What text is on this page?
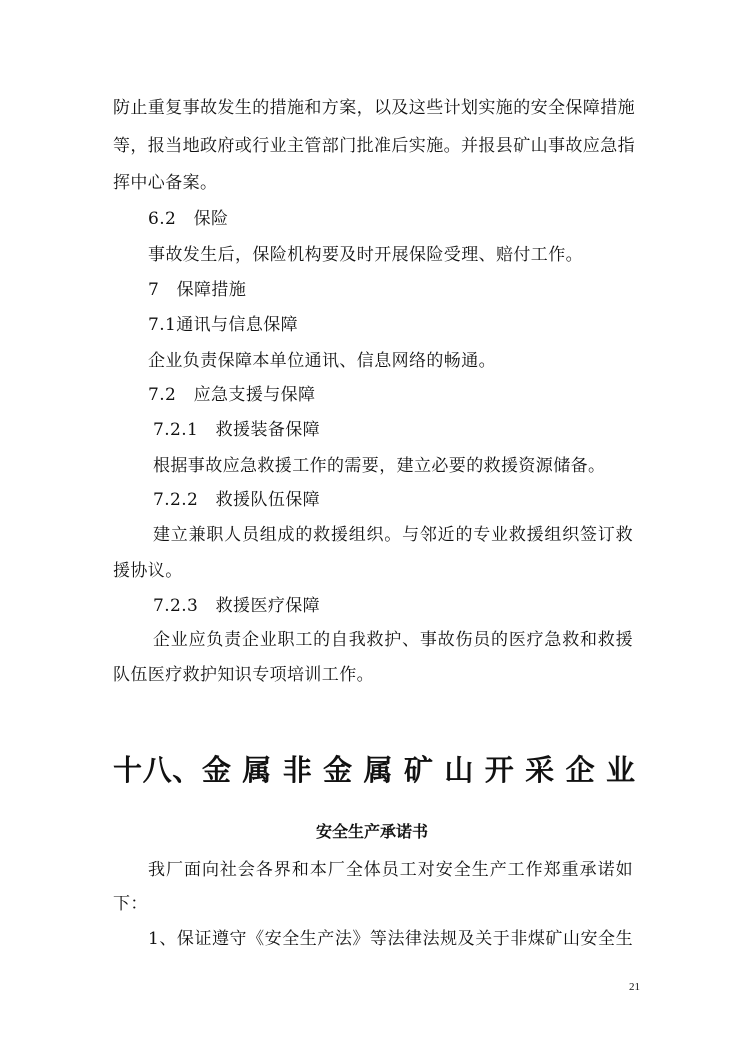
防止重复事故发生的措施和方案，以及这些计划实施的安全保障措施
等，报当地政府或行业主管部门批准后实施。并报县矿山事故应急指
挥中心备案。
6.2　保险
事故发生后，保险机构要及时开展保险受理、赔付工作。
7　保障措施
7.1通讯与信息保障
企业负责保障本单位通讯、信息网络的畅通。
7.2　应急支援与保障
7.2.1　救援装备保障
根据事故应急救援工作的需要，建立必要的救援资源储备。
7.2.2　救援队伍保障
建立兼职人员组成的救援组织。与邻近的专业救援组织签订救
援协议。
7.2.3　救援医疗保障
企业应负责企业职工的自我救护、事故伤员的医疗急救和救援
队伍医疗救护知识专项培训工作。
十八、金 属 非 金 属 矿 山 开 采 企 业
安全生产承诺书
我厂面向社会各界和本厂全体员工对安全生产工作郑重承诺如
下：
1、保证遵守《安全生产法》等法律法规及关于非煤矿山安全生
21
